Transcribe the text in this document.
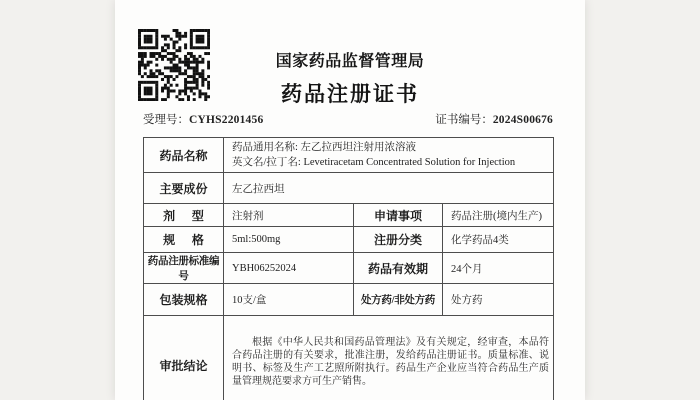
国家药品监督管理局
药品注册证书
受理号：CYHS2201456	证书编号：2024S00676
药品名称	药品通用名称: 左乙拉西坦注射用浓溶液
英文名/拉丁名: Levetiracetam Concentrated Solution for Injection		

主要成份	左乙拉西坦		
剂型	注射剂	申请事项	药品注册(境内生产)
规格	5ml:500mg	注册分类	化学药品4类
药品注册标准编号	YBH06252024	药品有效期	24个月
包装规格	10支/盒	处方药/非处方药	处方药
审批结论	根据《中华人民共和国药品管理法》及有关规定，经审查，本品符合药品注册的有关要求，批准注册，发给药品注册证书。质量标准、说明书、标签及生产工艺照所附执行。药品生产企业应当符合药品生产质量管理规范要求方可生产销售。		
